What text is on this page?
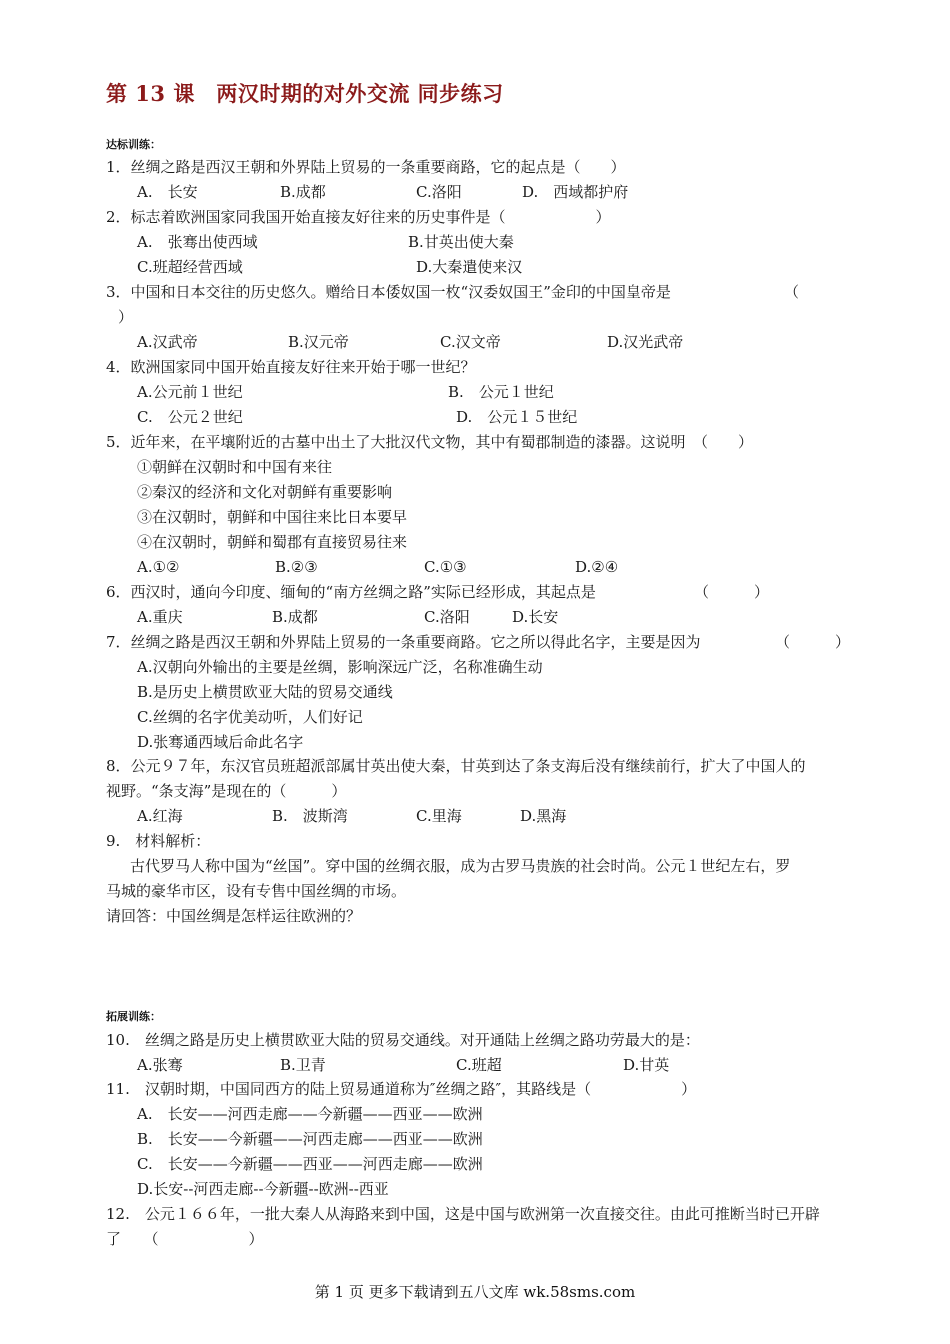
第 13 课　两汉时期的对外交流 同步练习
达标训练：
1．丝绸之路是西汉王朝和外界陆上贸易的一条重要商路，它的起点是（　　）
A.　长安	B.成都	C.洛阳	D.　西域都护府
2．标志着欧洲国家同我国开始直接友好往来的历史事件是（　　　　　　）
A.　张骞出使西域	B.甘英出使大秦
C.班超经营西域	D.大秦遣使来汉
3．中国和日本交往的历史悠久。赠给日本倭奴国一枚“汉委奴国王”金印的中国皇帝是	（
）
A.汉武帝	B.汉元帝	C.汉文帝	D.汉光武帝
4．欧洲国家同中国开始直接友好往来开始于哪一世纪？
A.公元前１世纪	B.　公元１世纪
C.　公元２世纪	D.　公元１５世纪
5．近年来，在平壤附近的古墓中出土了大批汉代文物，其中有蜀郡制造的漆器。这说明　（　　）
①朝鲜在汉朝时和中国有来往
②秦汉的经济和文化对朝鲜有重要影响
③在汉朝时，朝鲜和中国往来比日本要早
④在汉朝时，朝鲜和蜀郡有直接贸易往来
A.①②	B.②③	C.①③	D.②④
6．西汉时，通向今印度、缅甸的“南方丝绸之路”实际已经形成，其起点是	（　　　）
A.重庆	B.成都	C.洛阳	D.长安
7．丝绸之路是西汉王朝和外界陆上贸易的一条重要商路。它之所以得此名字，主要是因为	（　　　）
A.汉朝向外输出的主要是丝绸，影响深远广泛，名称准确生动
B.是历史上横贯欧亚大陆的贸易交通线
C.丝绸的名字优美动听，人们好记
D.张骞通西域后命此名字
8．公元９７年，东汉官员班超派部属甘英出使大秦，甘英到达了条支海后没有继续前行，扩大了中国人的
视野。“条支海”是现在的（　　　）
A.红海	B.　波斯湾	C.里海	D.黑海
9.　材料解析：
古代罗马人称中国为“丝国”。穿中国的丝绸衣服，成为古罗马贵族的社会时尚。公元１世纪左右，罗
马城的豪华市区，设有专售中国丝绸的市场。
请回答：中国丝绸是怎样运往欧洲的？
拓展训练：
10.　丝绸之路是历史上横贯欧亚大陆的贸易交通线。对开通陆上丝绸之路功劳最大的是：
A.张骞	B.卫青	C.班超	D.甘英
11.　汉朝时期，中国同西方的陆上贸易通道称为″丝绸之路″，其路线是（　　　　　　）
A.　长安——河西走廊——今新疆——西亚——欧洲
B.　长安——今新疆——河西走廊——西亚——欧洲
C.　长安——今新疆——西亚——河西走廊——欧洲
D.长安--河西走廊--今新疆--欧洲--西亚
12.　公元１６６年，一批大秦人从海路来到中国，这是中国与欧洲第一次直接交往。由此可推断当时已开辟
了　　（　　　　　　）
第 1 页 更多下载请到五八文库 wk.58sms.com
